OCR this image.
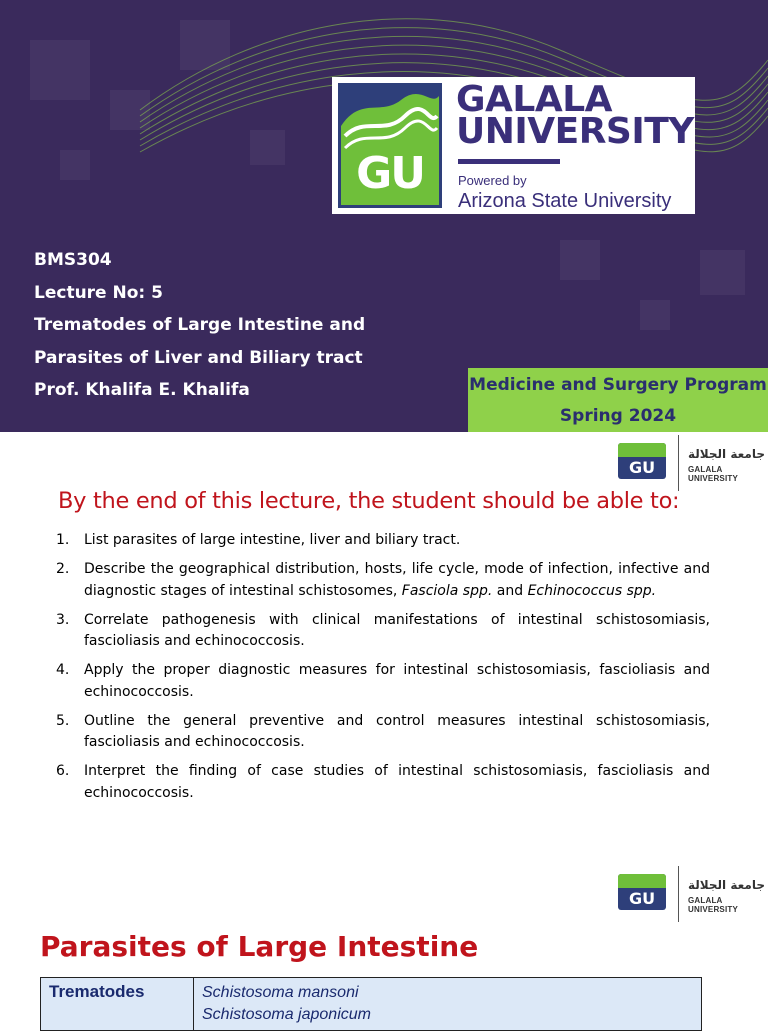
GU
GALALA
UNIVERSITY
Powered by
Arizona State University
BMS304
Lecture No: 5
Trematodes of Large Intestine and
Parasites of Liver and Biliary tract
Prof. Khalifa E. Khalifa	Medicine and Surgery Program
Spring 2024
GU
جامعة الجلالة
GALALA UNIVERSITY
By the end of this lecture, the student should be able to:
1. List parasites of large intestine, liver and biliary tract.
2. Describe the geographical distribution, hosts, life cycle, mode of infection, infective and diagnostic stages of intestinal schistosomes, Fasciola spp. and Echinococcus spp.
3. Correlate pathogenesis with clinical manifestations of intestinal schistosomiasis, fascioliasis and echinococcosis.
4. Apply the proper diagnostic measures for intestinal schistosomiasis, fascioliasis and echinococcosis.
5. Outline the general preventive and control measures intestinal schistosomiasis, fascioliasis and echinococcosis.
6. Interpret the finding of case studies of intestinal schistosomiasis, fascioliasis and echinococcosis.
GU
جامعة الجلالة
GALALA UNIVERSITY
Parasites of Large Intestine
Trematodes	Schistosoma mansoni
Schistosoma japonicum
